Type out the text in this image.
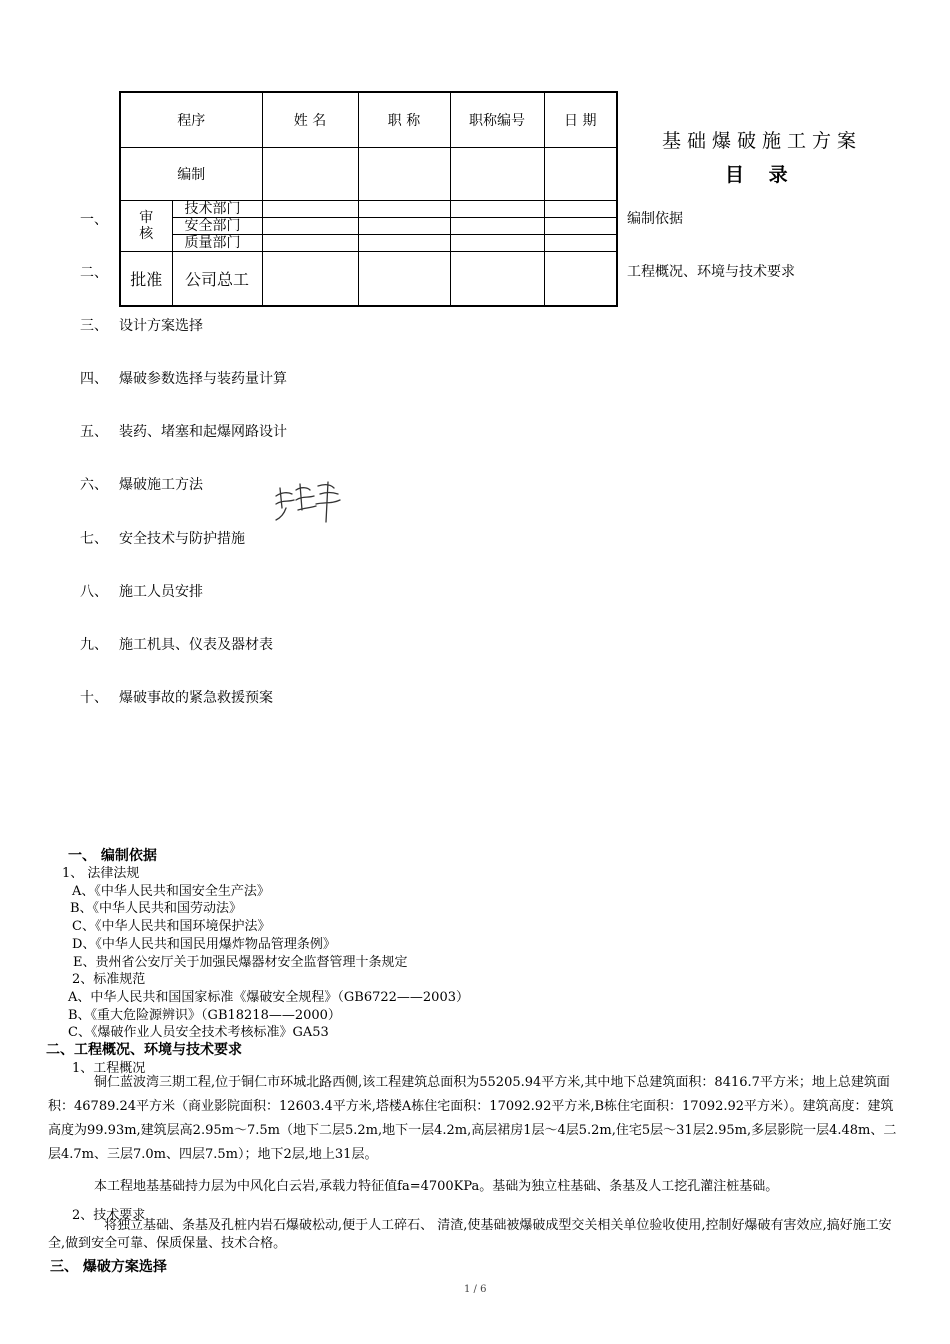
程序		姓 名	职 称	职称编号	日 期
编制					
审核	技术部门				
	安全部门				
	质量部门				
批准	公司总工				
基础爆破施工方案
目 录
一、	编制依据
二、	工程概况、环境与技术要求
三、 设计方案选择
四、 爆破参数选择与装药量计算
五、 装药、堵塞和起爆网路设计
六、 爆破施工方法
七、 安全技术与防护措施
八、 施工人员安排
九、 施工机具、仪表及器材表
十、 爆破事故的紧急救援预案
一、 编制依据
1、 法律法规
A、《中华人民共和国安全生产法》
B、《中华人民共和国劳动法》
C、《中华人民共和国环境保护法》
D、《中华人民共和国民用爆炸物品管理条例》
E、贵州省公安厅关于加强民爆器材安全监督管理十条规定
2、标准规范
A、中华人民共和国国家标准《爆破安全规程》（GB6722——2003）
B、《重大危险源辨识》（GB18218——2000）
C、《爆破作业人员安全技术考核标准》GA53
二、工程概况、环境与技术要求
1、工程概况
铜仁蓝波湾三期工程,位于铜仁市环城北路西侧,该工程建筑总面积为55205.94平方米,其中地下总建筑面积：8416.7平方米；地上总建筑面积：46789.24平方米（商业影院面积：12603.4平方米,塔楼A栋住宅面积：17092.92平方米,B栋住宅面积：17092.92平方米）。建筑高度：建筑高度为99.93m,建筑层高2.95m～7.5m（地下二层5.2m,地下一层4.2m,高层裙房1层～4层5.2m,住宅5层～31层2.95m,多层影院一层4.48m、二层4.7m、三层7.0m、四层7.5m）；地下2层,地上31层。
本工程地基基础持力层为中风化白云岩,承载力特征值fa=4700KPa。基础为独立柱基础、条基及人工挖孔灌注桩基础。
2、技术要求
将独立基础、条基及孔桩内岩石爆破松动,便于人工碎石、 清渣,使基础被爆破成型交关相关单位验收使用,控制好爆破有害效应,搞好施工安全,做到安全可靠、保质保量、技术合格。
三、 爆破方案选择
1 / 6
